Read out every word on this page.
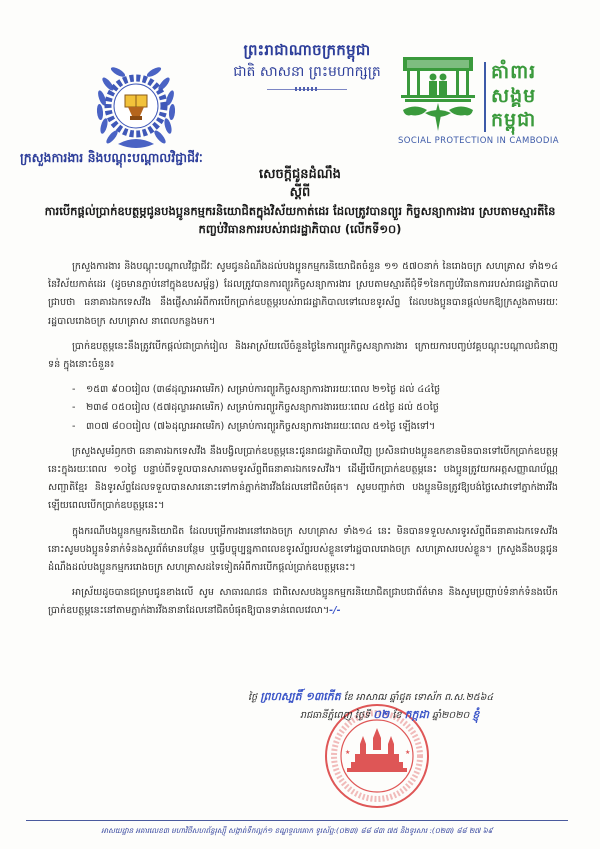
ព្រះរាជាណាចក្រកម្ពុជា
ជាតិ សាសនា ព្រះមហាក្សត្រ	គាំពារ
សង្គម
កម្ពុជា
SOCIAL PROTECTION IN CAMBODIA
ក្រសួងការងារ និងបណ្តុះបណ្តាលវិជ្ជាជីវៈ
សេចក្តីជូនដំណឹង
ស្តីពី
ការបើកផ្តល់ប្រាក់ឧបត្ថម្ភជូនបងប្អូនកម្មករនិយោជិតក្នុងវិស័យកាត់ដេរ ដែលត្រូវបានព្យួរ កិច្ចសន្យាការងារ ស្របតាមស្មារតីនៃកញ្ចប់វិធានការរបស់រាជរដ្ឋាភិបាល (លើកទី១០)

ក្រសួងការងារ និងបណ្តុះបណ្តាលវិជ្ជាជីវៈ សូមជូនដំណឹងដល់បងប្អូនកម្មករនិយោជិតចំនួន ១១ ៥៧០នាក់ នៃរោងចក្រ សហគ្រាស ទាំង១៤ នៃវិស័យកាត់ដេរ (ដូចមានភ្ជាប់នៅក្នុងឧបសម្ព័ន្ធ) ដែលត្រូវបានការព្យួរកិច្ចសន្យាការងារ ស្របតាមស្មារតីជុំទី១នៃកញ្ចប់វិធានការរបស់រាជរដ្ឋាភិបាល ជ្រាបថា ធនាគារឯកទេសវីង នឹងផ្ញើសារអំពីការបើកប្រាក់ឧបត្ថម្ភរបស់រាជរដ្ឋាភិបាលទៅលេខទូរស័ព្ទ ដែលបងប្អូនបានផ្តល់មកឱ្យក្រសួងតាមរយៈរដ្ឋបាលរោងចក្រ សហគ្រាស នាពេលកន្លងមក។

ប្រាក់ឧបត្ថម្ភនេះនឹងត្រូវបើកផ្តល់ជាប្រាក់រៀល និងអាស្រ័យលើចំនួនថ្ងៃនៃការព្យួរកិច្ចសន្យាការងារ ក្រោយការបញ្ចប់វគ្គបណ្តុះបណ្តាលជំនាញទន់ ក្នុងនោះចំនួន៖

- ១៥៣ ៩០០រៀល (៣៨ដុល្លារអាមេរិក) សម្រាប់ការព្យួរកិច្ចសន្យាការងាររយៈពេល ២១ថ្ងៃ ដល់ ៤៤ថ្ងៃ
- ២៣៨ ០៥០រៀល (៥៧ដុល្លារអាមេរិក) សម្រាប់ការព្យួរកិច្ចសន្យាការងាររយៈពេល ៤៥ថ្ងៃ ដល់ ៥០ថ្ងៃ
- ៣០៧ ៨០០រៀល (៧៦ដុល្លារអាមេរិក) សម្រាប់ការព្យួរកិច្ចសន្យាការងាររយៈពេល ៥១ថ្ងៃ ឡើងទៅ។

ក្រសួងសូមរំឭកថា ធនាគារឯកទេសវីង នឹងបង្វិលប្រាក់ឧបត្ថម្ភនេះជូនរាជរដ្ឋាភិបាលវិញ ប្រសិនជាបងប្អូនឧកខានមិនបានទៅបើកប្រាក់ឧបត្ថម្ភនេះក្នុងរយៈពេល ១០ថ្ងៃ បន្ទាប់ពីទទួលបានសារតាមទូរស័ព្ទពីធនាគារឯកទេសវីង។ ដើម្បីបើកប្រាក់ឧបត្ថម្ភនេះ បងប្អូនត្រូវយកអត្តសញ្ញាណប័ណ្ណសញ្ជាតិខ្មែរ និងទូរស័ព្ទដែលទទួលបានសារនោះទៅកាន់ភ្នាក់ងារវីងដែលនៅជិតបំផុត។ សូមបញ្ជាក់ថា បងប្អូនមិនត្រូវឱ្យបង់ថ្លៃសេវាទៅភ្នាក់ងារវីងឡើយពេលបើកប្រាក់ឧបត្ថម្ភនេះ។

ក្នុងករណីបងប្អូនកម្មករនិយោជិត ដែលបម្រើការងារនៅរោងចក្រ សហគ្រាស ទាំង១៤ នេះ មិនបានទទួលសារទូរស័ព្ទពីធនាគារឯកទេសវីង នោះសូមបងប្អូនទំនាក់ទំនងសួរព័ត៌មានបន្ថែម ឬធ្វើបច្ចុប្បន្នភាពលេខទូរស័ព្ទរបស់ខ្លួនទៅរដ្ឋបាលរោងចក្រ សហគ្រាសរបស់ខ្លួន។ ក្រសួងនឹងបន្តជូនដំណឹងដល់បងប្អូនកម្មកររោងចក្រ សហគ្រាសដទៃទៀតអំពីការបើកផ្តល់ប្រាក់ឧបត្ថម្ភនេះ។

អាស្រ័យដូចបានជម្រាបជូនខាងលើ សូម សាធារណជន ជាពិសេសបងប្អូនកម្មករនិយោជិតជ្រាបជាព័ត៌មាន និងសូមប្រញាប់ទំនាក់ទំនងបើកប្រាក់ឧបត្ថម្ភនេះនៅតាមភ្នាក់ងារវីងនានាដែលនៅជិតបំផុតឱ្យបានទាន់ពេលវេលា។-/-

★	★
ថ្ងៃ ព្រហស្បតិ៍ ១៣កើត ខែ អាសាឍ ឆ្នាំជូត ទោស័ក ព.ស.២៥៦៤
រាជធានីភ្នំពេញ ថ្ងៃទី ០២ ខែ កក្កដា ឆ្នាំ២០២០ ខ្ញុំ
អាសយដ្ឋាន អគារលេខ៣ មហាវិថីសហព័ន្ធរុស្ស៊ី សង្កាត់ទឹកល្អក់១ ខណ្ឌទួលគោក ទូរស័ព្ទ:(០២៣) ៨៨ ៨៣ ៧៥ និងទូរសារ :(០២៣) ៨៨ ២៧ ៦៩
